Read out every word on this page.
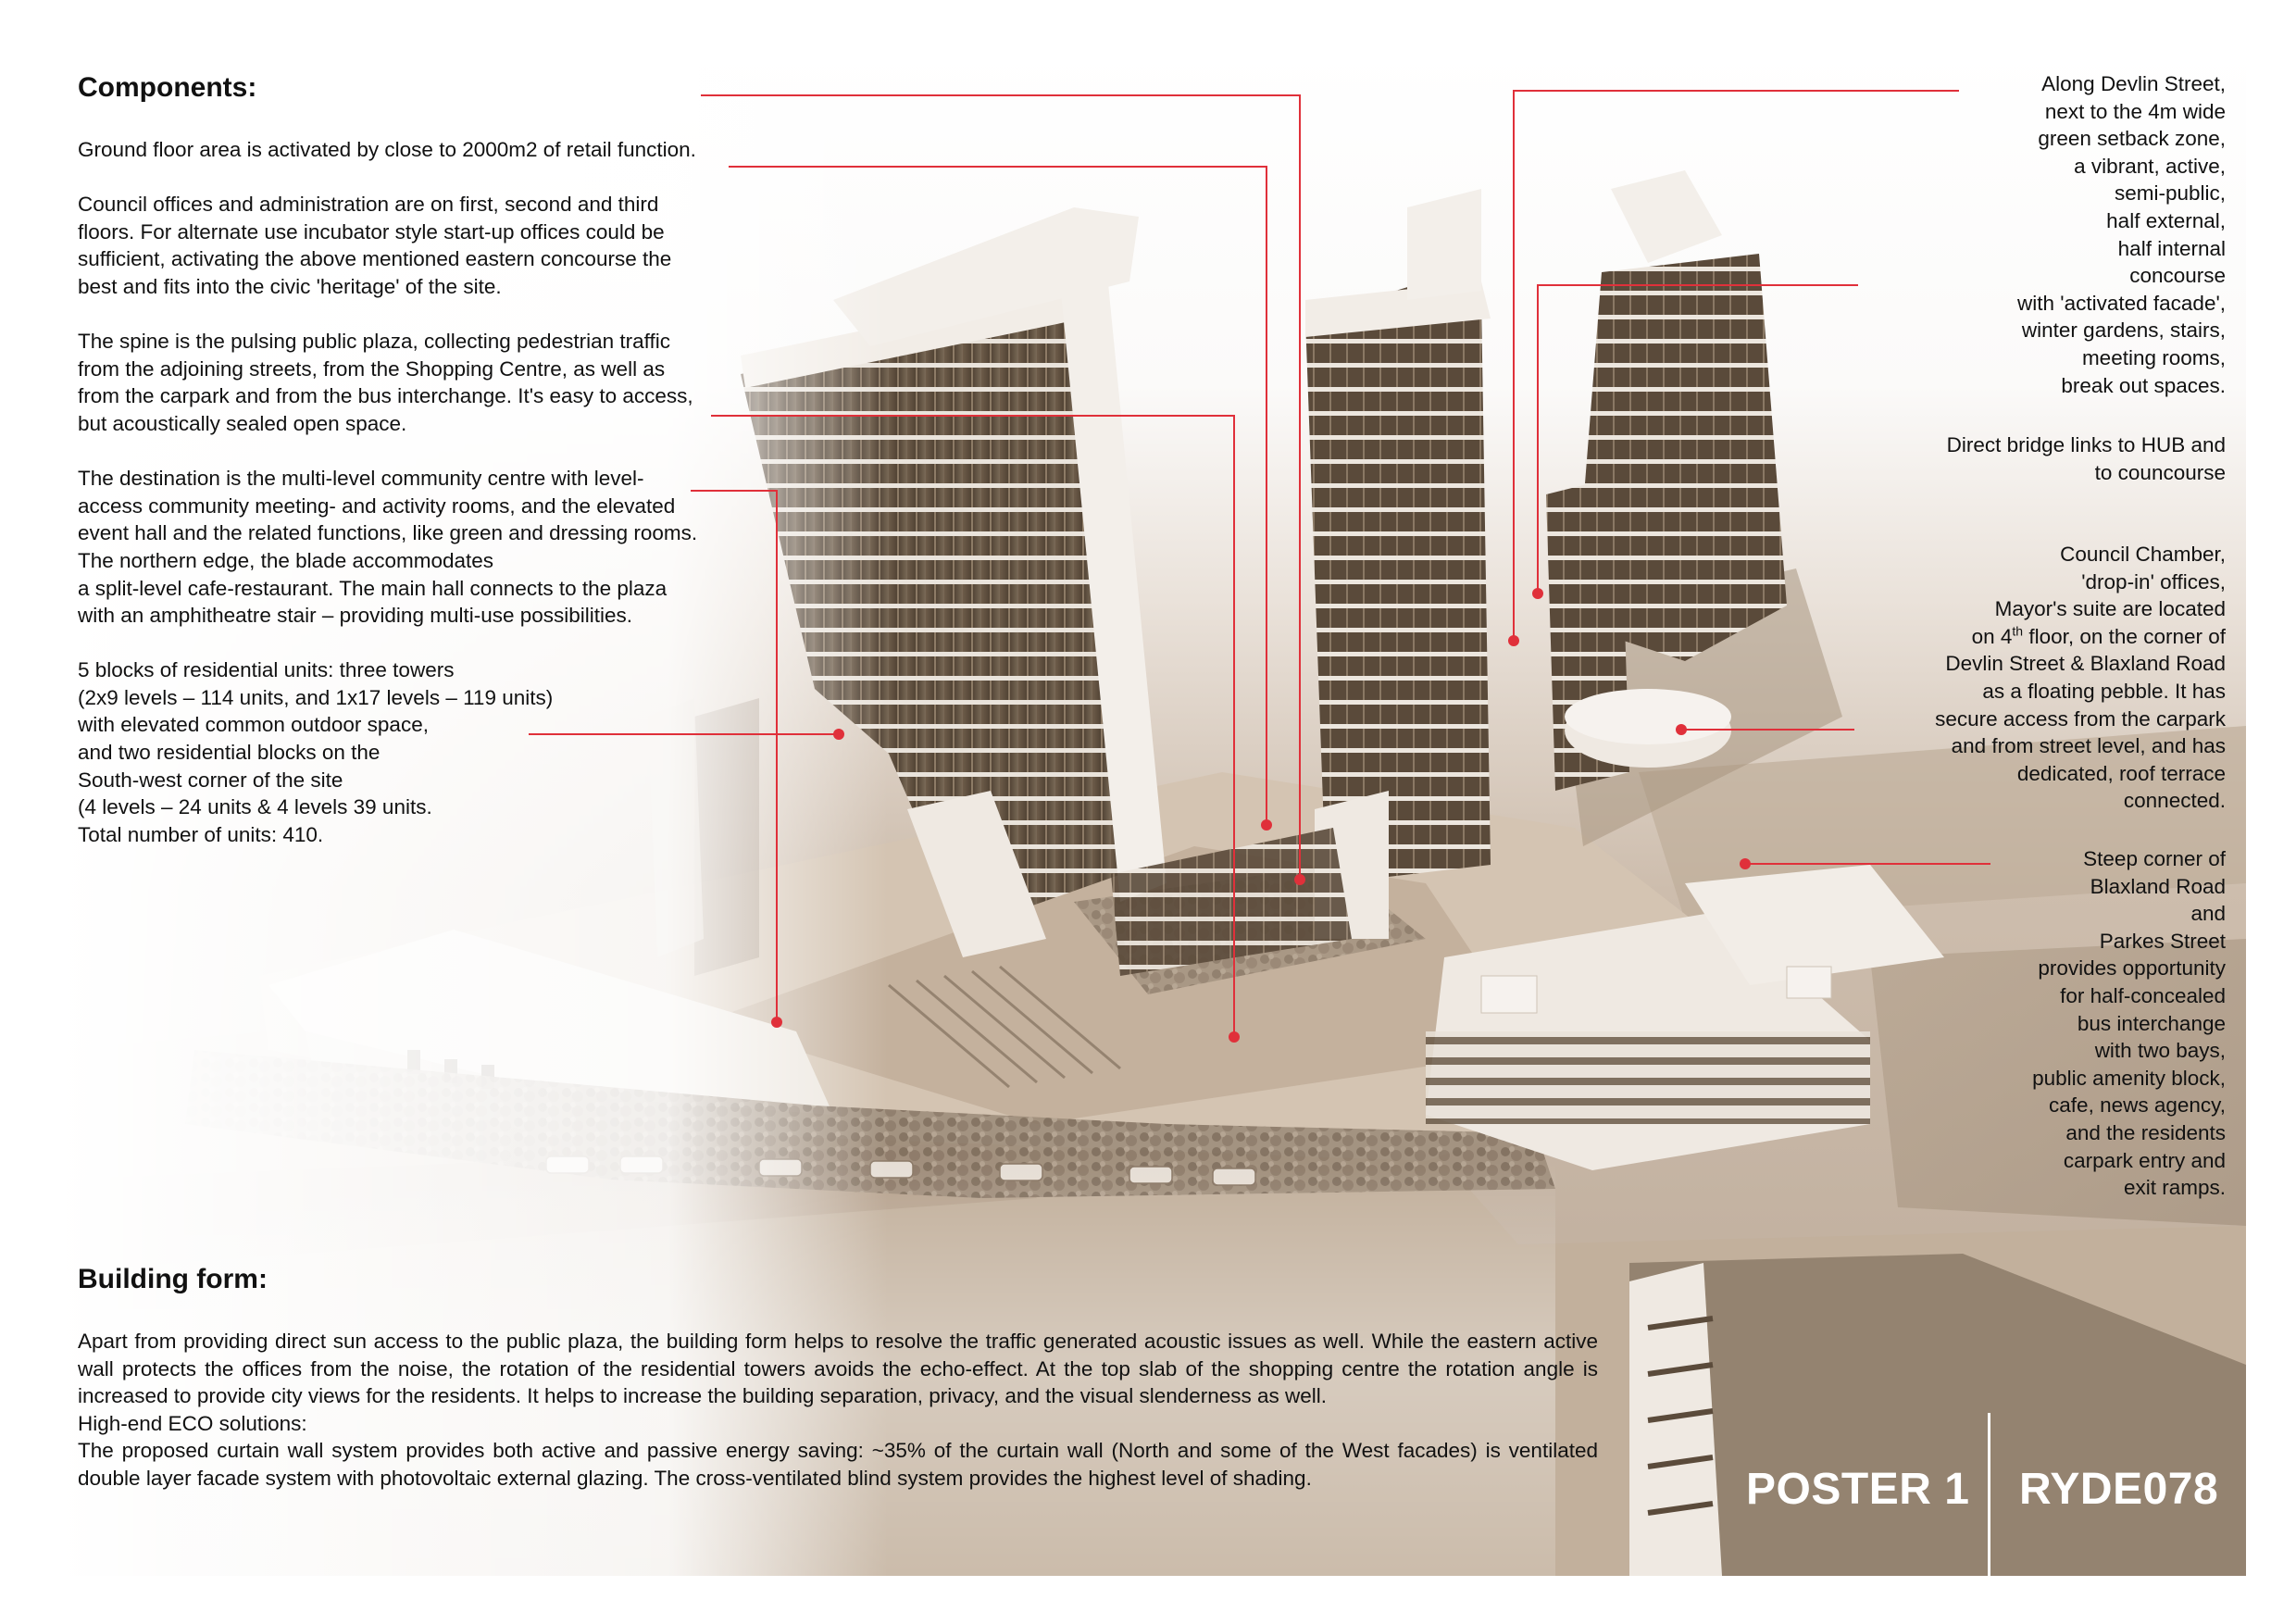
Components:

Ground floor area is activated by close to 2000m2 of retail function.

Council offices and administration are on first, second and third floors. For alternate use incubator style start-up offices could be sufficient, activating the above mentioned eastern concourse the best and fits into the civic 'heritage' of the site.

The spine is the pulsing public plaza, collecting pedestrian traffic from the adjoining streets, from the Shopping Centre, as well as from the carpark and from the bus interchange. It's easy to access, but acoustically sealed open space.

The destination is the multi-level community centre with level-access community meeting- and activity rooms, and the elevated event hall and the related functions, like green and dressing rooms. The northern edge, the blade accommodates

a split-level cafe-restaurant. The main hall connects to the plaza with an amphitheatre stair – providing multi-use possibilities.

5 blocks of residential units: three towers
(2x9 levels – 114 units, and 1x17 levels – 119 units)
with elevated common outdoor space,
and two residential blocks on the
South-west corner of the site
(4 levels – 24 units & 4 levels 39 units.
Total number of units: 410.
Along Devlin Street,
next to the 4m wide
green setback zone,
a vibrant, active,
semi-public,
half external,
half internal
concourse
with 'activated facade',
winter gardens, stairs,
meeting rooms,
break out spaces.
Direct bridge links to HUB and
to councourse
Council Chamber,
'drop-in' offices,
Mayor's suite are located
on 4th floor, on the corner of
Devlin Street & Blaxland Road
as a floating pebble. It has
secure access from the carpark
and from street level, and has
dedicated, roof terrace
connected.
Steep corner of
Blaxland Road
and
Parkes Street
provides opportunity
for half-concealed
bus interchange
with two bays,
public amenity block,
cafe, news agency,
and the residents
carpark entry and
exit ramps.
Building form:
Apart from providing direct sun access to the public plaza, the building form helps to resolve the traffic generated acoustic issues as well. While the eastern active wall protects the offices from the noise, the rotation of the residential towers avoids the echo-effect. At the top slab of the shopping centre the rotation angle is increased to provide city views for the residents. It helps to increase the building separation, privacy, and the visual slenderness as well.
High-end ECO solutions:
The proposed curtain wall system provides both active and passive energy saving: ~35% of the curtain wall (North and some of the West facades) is ventilated double layer facade system with photovoltaic external glazing. The cross-ventilated blind system provides the highest level of shading.	POSTER 1 RYDE078
